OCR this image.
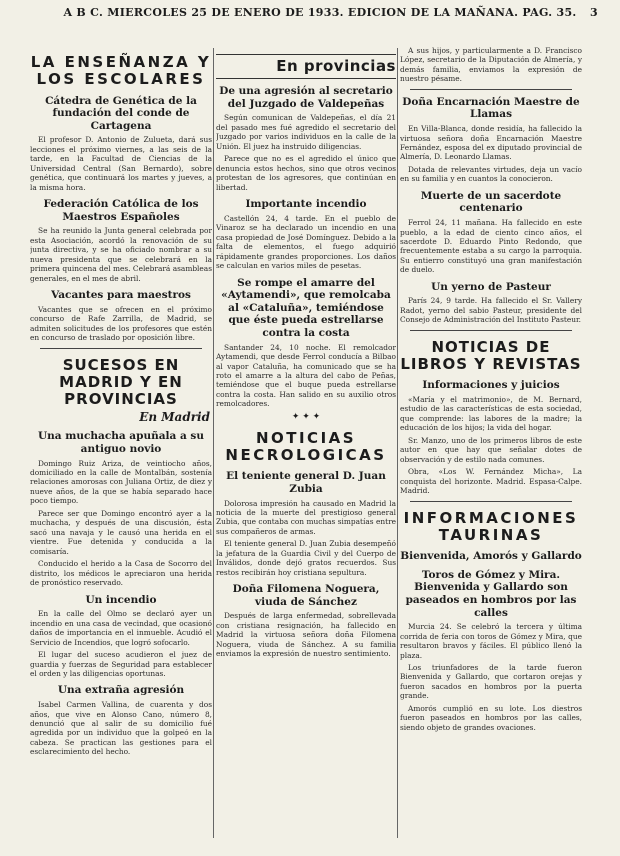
A B C. MIERCOLES 25 DE ENERO DE 1933. EDICION DE LA MAÑANA. PAG. 35.	3
LA ENSEÑANZA Y LOS ESCOLARES
Cátedra de Genética de la fundación del conde de Cartagena
El profesor D. Antonio de Zulueta, dará sus lecciones el próximo viernes, a las seis de la tarde, en la Facultad de Ciencias de la Universidad Central (San Bernardo), sobre genética, que continuará los martes y jueves, a la misma hora.
Federación Católica de los Maestros Españoles
Se ha reunido la Junta general celebrada por esta Asociación, acordó la renovación de su junta directiva, y se ha oficiado nombrar a su nueva presidenta que se celebrará en la primera quincena del mes. Celebrará asambleas generales, en el mes de abril.
Vacantes para maestros
Vacantes que se ofrecen en el próximo concurso de Rafe Zarrilla, de Madrid, se admiten solicitudes de los profesores que estén en concurso de traslado por oposición libre.
SUCESOS EN MADRID Y EN PROVINCIAS
En Madrid
Una muchacha apuñala a su antiguo novio
Domingo Ruiz Ariza, de veintiocho años, domiciliado en la calle de Montalbán, sostenía relaciones amorosas con Juliana Ortiz, de diez y nueve años, de la que se había separado hace poco tiempo.
Parece ser que Domingo encontró ayer a la muchacha, y después de una discusión, ésta sacó una navaja y le causó una herida en el vientre. Fue detenida y conducida a la comisaría.
Conducido el herido a la Casa de Socorro del distrito, los médicos le apreciaron una herida de pronóstico reservado.
Un incendio
En la calle del Olmo se declaró ayer un incendio en una casa de vecindad, que ocasionó daños de importancia en el inmueble. Acudió el Servicio de Incendios, que logró sofocarlo.
El lugar del suceso acudieron el juez de guardia y fuerzas de Seguridad para establecer el orden y las diligencias oportunas.
Una extraña agresión
Isabel Carmen Vallina, de cuarenta y dos años, que vive en Alonso Cano, número 8, denunció que al salir de su domicilio fué agredida por un individuo que la golpeó en la cabeza. Se practican las gestiones para el esclarecimiento del hecho.
En provincias
De una agresión al secretario del Juzgado de Valdepeñas
Según comunican de Valdepeñas, el día 21 del pasado mes fué agredido el secretario del Juzgado por varios individuos en la calle de la Unión. El juez ha instruido diligencias.
Parece que no es el agredido el único que denuncia estos hechos, sino que otros vecinos protestan de los agresores, que continúan en libertad.
Importante incendio
Castellón 24, 4 tarde. En el pueblo de Vinaroz se ha declarado un incendio en una casa propiedad de José Domínguez. Debido a la falta de elementos, el fuego adquirió rápidamente grandes proporciones. Los daños se calculan en varios miles de pesetas.
Se rompe el amarre del «Aytamendi», que remolcaba al «Cataluña», temiéndose que éste pueda estrellarse contra la costa
Santander 24, 10 noche. El remolcador Aytamendi, que desde Ferrol conducía a Bilbao al vapor Cataluña, ha comunicado que se ha roto el amarre a la altura del cabo de Peñas, temiéndose que el buque pueda estrellarse contra la costa. Han salido en su auxilio otros remolcadores.
✦ ✦ ✦
NOTICIAS NECROLOGICAS
El teniente general D. Juan Zubia
Dolorosa impresión ha causado en Madrid la noticia de la muerte del prestigioso general Zubia, que contaba con muchas simpatías entre sus compañeros de armas.
El teniente general D. Juan Zubia desempeñó la jefatura de la Guardia Civil y del Cuerpo de Inválidos, donde dejó gratos recuerdos. Sus restos recibirán hoy cristiana sepultura.
Doña Filomena Noguera, viuda de Sánchez
Después de larga enfermedad, sobrellevada con cristiana resignación, ha fallecido en Madrid la virtuosa señora doña Filomena Noguera, viuda de Sánchez. A su familia enviamos la expresión de nuestro sentimiento.
A sus hijos, y particularmente a D. Francisco López, secretario de la Diputación de Almería, y demás familia, enviamos la expresión de nuestro pésame.
Doña Encarnación Maestre de Llamas
En Villa-Blanca, donde residía, ha fallecido la virtuosa señora doña Encarnación Maestre Fernández, esposa del ex diputado provincial de Almería, D. Leonardo Llamas.
Dotada de relevantes virtudes, deja un vacío en su familia y en cuantos la conocieron.
Muerte de un sacerdote centenario
Ferrol 24, 11 mañana. Ha fallecido en este pueblo, a la edad de ciento cinco años, el sacerdote D. Eduardo Pinto Redondo, que frecuentemente estaba a su cargo la parroquia. Su entierro constituyó una gran manifestación de duelo.
Un yerno de Pasteur
París 24, 9 tarde. Ha fallecido el Sr. Vallery Radot, yerno del sabio Pasteur, presidente del Consejo de Administración del Instituto Pasteur.
NOTICIAS DE LIBROS Y REVISTAS
Informaciones y juicios
«María y el matrimonio», de M. Bernard, estudio de las características de esta sociedad, que comprende: las labores de la madre; la educación de los hijos; la vida del hogar.
Sr. Manzo, uno de los primeros libros de este autor en que hay que señalar dotes de observación y de estilo nada comunes.
Obra, «Los W. Fernández Micha», La conquista del horizonte. Madrid. Espasa-Calpe. Madrid.
INFORMACIONES TAURINAS
Bienvenida, Amorós y Gallardo
Toros de Gómez y Mira. Bienvenida y Gallardo son paseados en hombros por las calles
Murcia 24. Se celebró la tercera y última corrida de feria con toros de Gómez y Mira, que resultaron bravos y fáciles. El público llenó la plaza.
Los triunfadores de la tarde fueron Bienvenida y Gallardo, que cortaron orejas y fueron sacados en hombros por la puerta grande.
Amorós cumplió en su lote. Los diestros fueron paseados en hombros por las calles, siendo objeto de grandes ovaciones.
